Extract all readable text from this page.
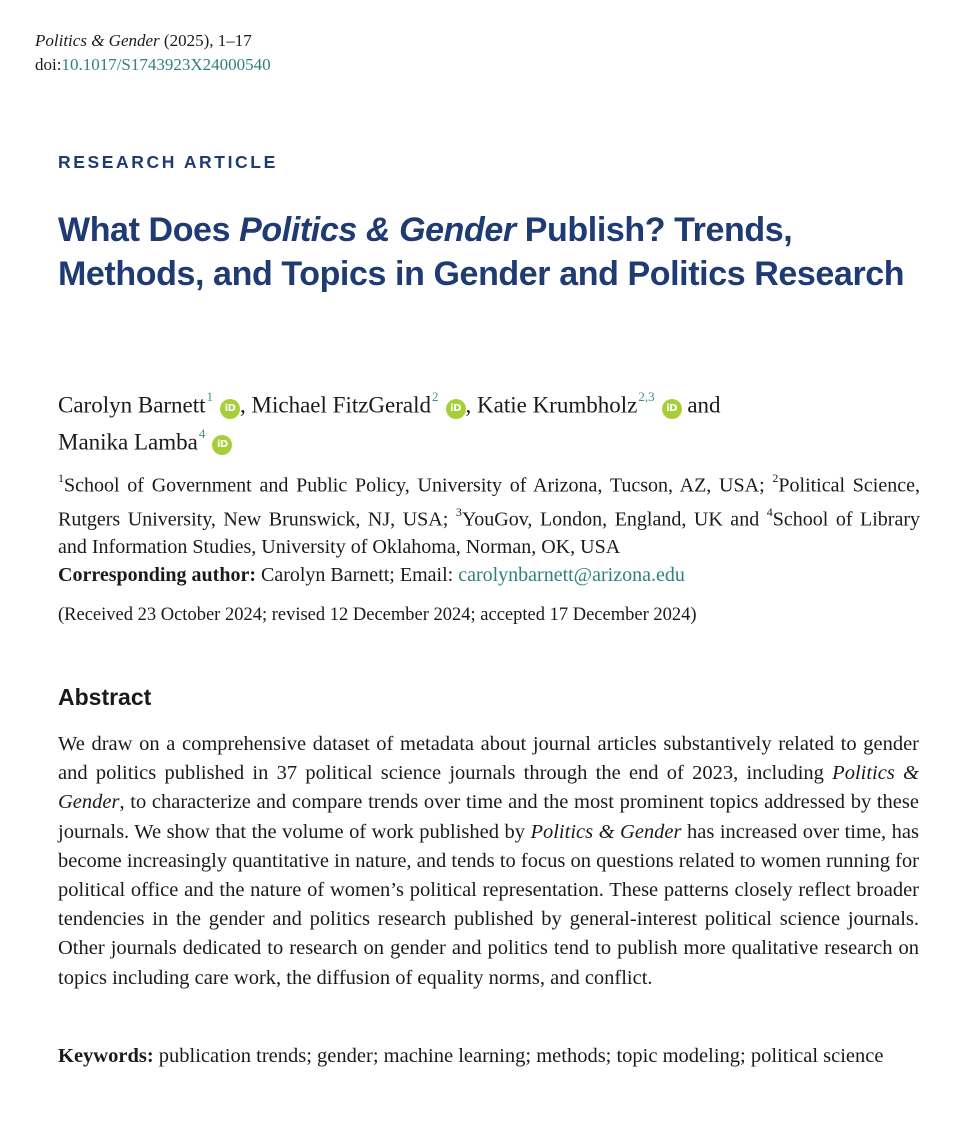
Politics & Gender (2025), 1–17
doi:10.1017/S1743923X24000540
RESEARCH ARTICLE
What Does Politics & Gender Publish? Trends, Methods, and Topics in Gender and Politics Research
Carolyn Barnett$^1$iD , Michael FitzGerald$^2$iD , Katie Krumbholz$^{2,3}$iD and
Manika Lamba$^4$iD
$^1$School of Government and Public Policy, University of Arizona, Tucson, AZ, USA; $^2$Political Science, Rutgers University, New Brunswick, NJ, USA; $^3$YouGov, London, England, UK and $^4$School of Library and Information Studies, University of Oklahoma, Norman, OK, USA
Corresponding author: Carolyn Barnett; Email: carolynbarnett@arizona.edu
(Received 23 October 2024; revised 12 December 2024; accepted 17 December 2024)
Abstract

We draw on a comprehensive dataset of metadata about journal articles substantively related to gender and politics published in 37 political science journals through the end of 2023, including Politics & Gender, to characterize and compare trends over time and the most prominent topics addressed by these journals. We show that the volume of work published by Politics & Gender has increased over time, has become increasingly quantitative in nature, and tends to focus on questions related to women running for political office and the nature of women’s political representation. These patterns closely reflect broader tendencies in the gender and politics research published by general-interest political science journals. Other journals dedicated to research on gender and politics tend to publish more qualitative research on topics including care work, the diffusion of equality norms, and conflict.

Keywords: publication trends; gender; machine learning; methods; topic modeling; political science
